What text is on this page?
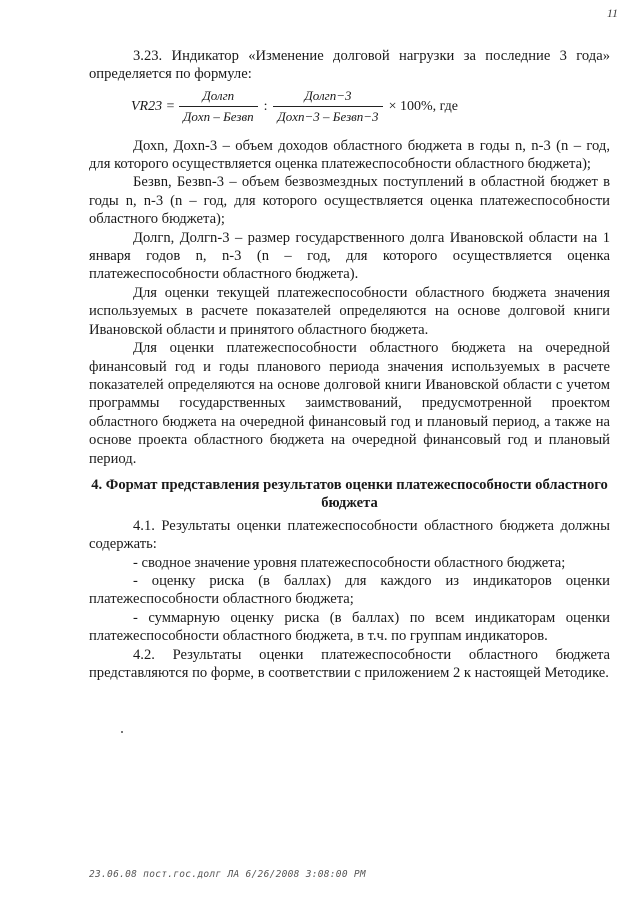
11

3.23. Индикатор «Изменение долговой нагрузки за последние 3 года» определяется по формуле:

$VR23 = \frac{\text{Долгn}}{\text{Доxn – Безвn}}$ : $\frac{\text{Долгn−3}}{\text{Доxn−3 – Безвn−3}} \times 100\%$, где

Дохn, Дохn-3 – объем доходов областного бюджета в годы n, n-3 (n – год, для которого осуществляется оценка платежеспособности областного бюджета);

Безвn, Безвn-3 – объем безвозмездных поступлений в областной бюджет в годы n, n-3 (n – год, для которого осуществляется оценка платежеспособности областного бюджета);

Долгn, Долгn-3 – размер государственного долга Ивановской области на 1 января годов n, n-3 (n – год, для которого осуществляется оценка платежеспособности областного бюджета).

Для оценки текущей платежеспособности областного бюджета значения используемых в расчете показателей определяются на основе долговой книги Ивановской области и принятого областного бюджета.

Для оценки платежеспособности областного бюджета на очередной финансовый год и годы планового периода значения используемых в расчете показателей определяются на основе долговой книги Ивановской области с учетом программы государственных заимствований, предусмотренной проектом областного бюджета на очередной финансовый год и плановый период, а также на основе проекта областного бюджета на очередной финансовый год и плановый период.

4. Формат представления результатов оценки платежеспособности областного бюджета

4.1. Результаты оценки платежеспособности областного бюджета должны содержать:

- сводное значение уровня платежеспособности областного бюджета;

- оценку риска (в баллах) для каждого из индикаторов оценки платежеспособности областного бюджета;

- суммарную оценку риска (в баллах) по всем индикаторам оценки платежеспособности областного бюджета, в т.ч. по группам индикаторов.

4.2. Результаты оценки платежеспособности областного бюджета представляются по форме, в соответствии с приложением 2 к настоящей Методике.

23.06.08 пост.гос.долг ЛА 6/26/2008 3:08:00 PM
